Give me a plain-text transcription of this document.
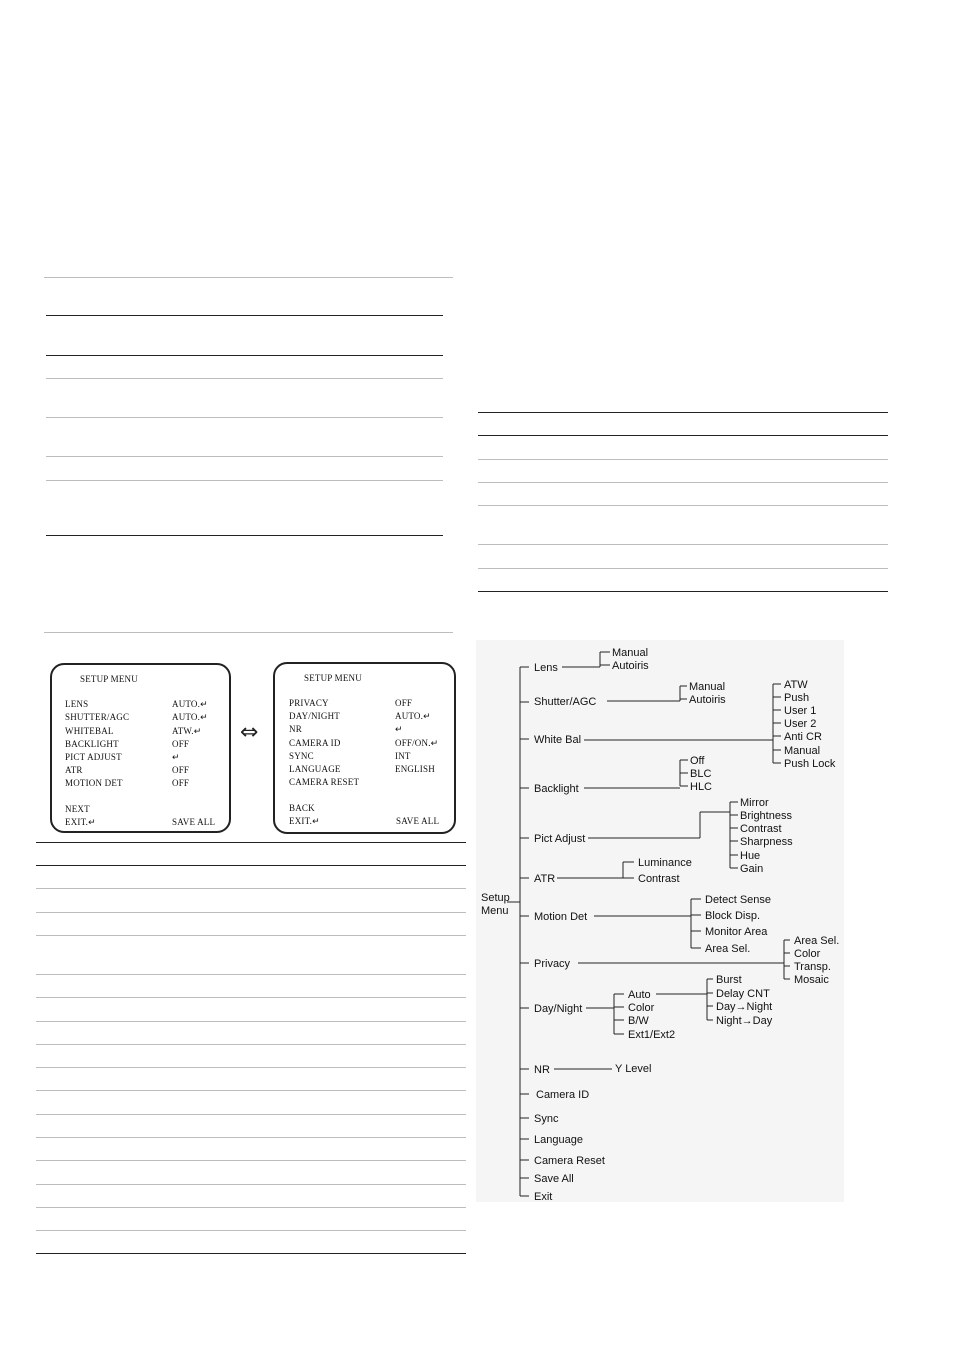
SETUP MENU
LENS	AUTO.↵
SHUTTER/AGC	AUTO.↵
WHITEBAL	ATW.↵
BACKLIGHT	OFF
PICT ADJUST	↵
ATR	OFF
MOTION DET	OFF
NEXT
EXIT.↵	SAVE ALL
⇔
SETUP MENU
PRIVACY	OFF
DAY/NIGHT	AUTO.↵
NR	↵
CAMERA ID	OFF/ON.↵
SYNC	INT
LANGUAGE	ENGLISH
CAMERA RESET
BACK
EXIT.↵	SAVE ALL
Setup
Menu
Lens
Shutter/AGC
White Bal
Backlight
Pict Adjust
ATR
Motion Det
Privacy
Day/Night
NR
Camera ID
Sync
Language
Camera Reset
Save All
Exit
Manual
Autoiris
Manual
Autoiris
ATW
Push
User 1
User 2
Anti CR
Manual
Push Lock
Off
BLC
HLC
Mirror
Brightness
Contrast
Sharpness
Hue
Gain
Luminance
Contrast
Detect Sense
Block Disp.
Monitor Area
Area Sel.
Area Sel.
Color
Transp.
Mosaic
Auto
Color
B/W
Ext1/Ext2
Burst
Delay CNT
Day→Night
Night→Day
Y Level
